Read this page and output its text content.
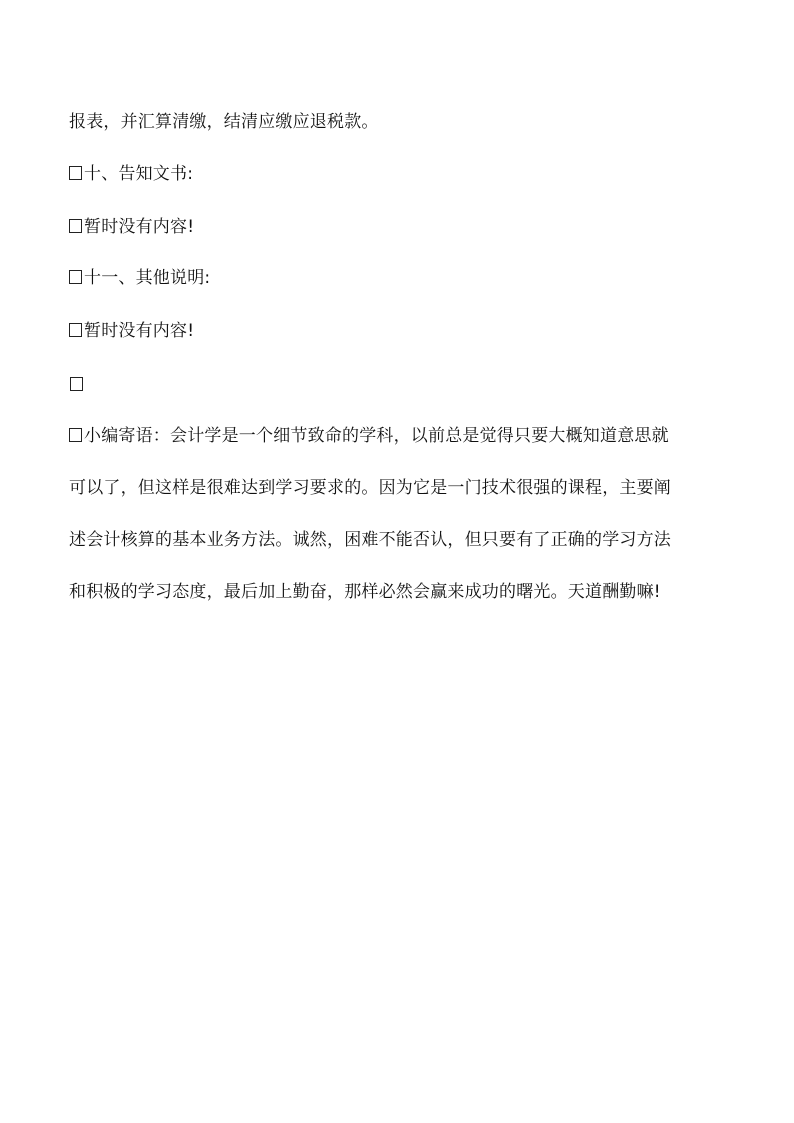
报表，并汇算清缴，结清应缴应退税款。
十、告知文书:
暂时没有内容!
十一、其他说明:
暂时没有内容!
小编寄语：会计学是一个细节致命的学科，以前总是觉得只要大概知道意思就
可以了，但这样是很难达到学习要求的。因为它是一门技术很强的课程，主要阐
述会计核算的基本业务方法。诚然，困难不能否认，但只要有了正确的学习方法
和积极的学习态度，最后加上勤奋，那样必然会赢来成功的曙光。天道酬勤嘛!
